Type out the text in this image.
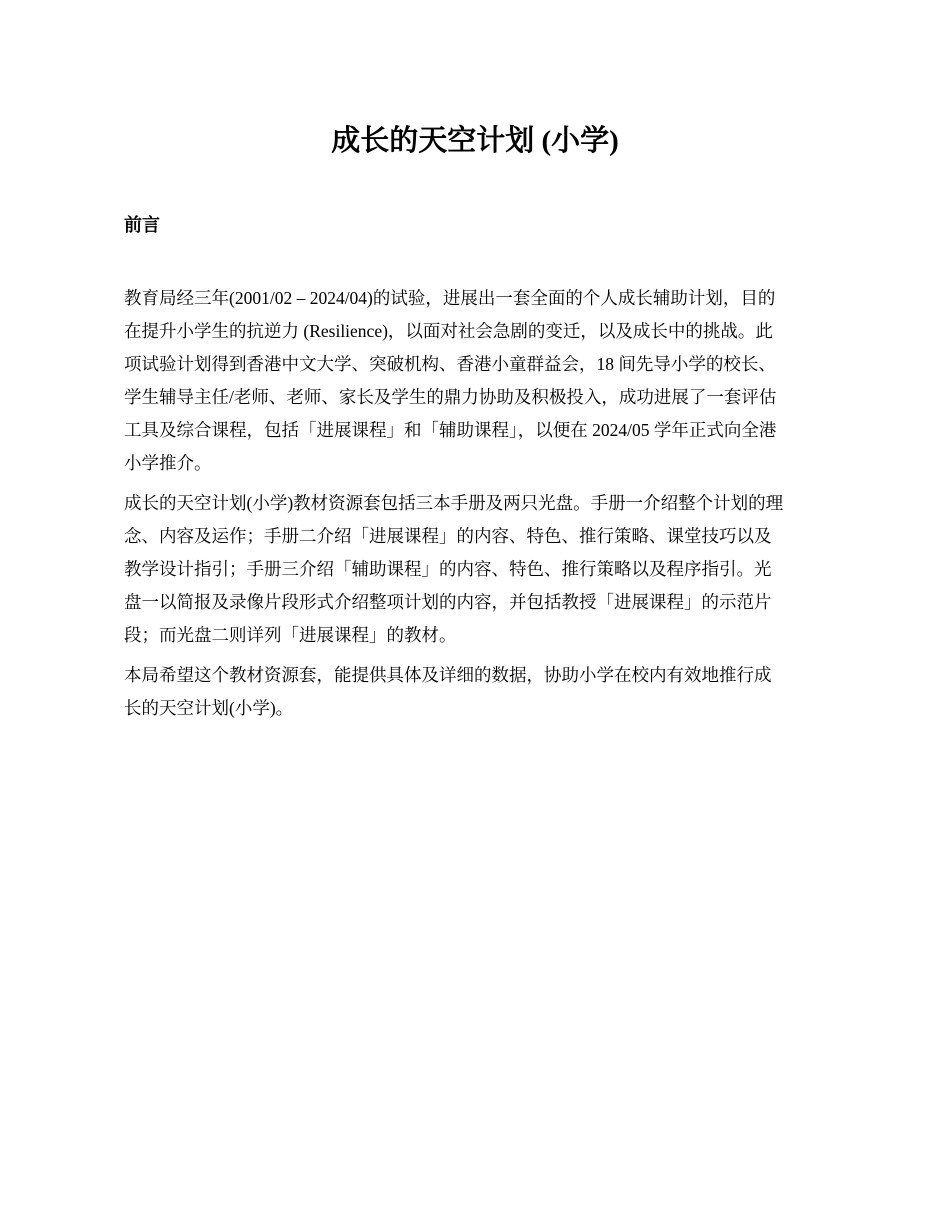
成长的天空计划 (小学)
前言

教育局经三年(2001/02 – 2024/04)的试验，进展出一套全面的个人成长辅助计划，目的
在提升小学生的抗逆力 (Resilience)，以面对社会急剧的变迁，以及成长中的挑战。此
项试验计划得到香港中文大学、突破机构、香港小童群益会，18 间先导小学的校长、
学生辅导主任/老师、老师、家长及学生的鼎力协助及积极投入，成功进展了一套评估
工具及综合课程，包括「进展课程」和「辅助课程」，以便在 2024/05 学年正式向全港
小学推介。

成长的天空计划(小学)教材资源套包括三本手册及两只光盘。手册一介绍整个计划的理
念、内容及运作；手册二介绍「进展课程」的内容、特色、推行策略、课堂技巧以及
教学设计指引；手册三介绍「辅助课程」的内容、特色、推行策略以及程序指引。光
盘一以简报及录像片段形式介绍整项计划的内容，并包括教授「进展课程」的示范片
段；而光盘二则详列「进展课程」的教材。

本局希望这个教材资源套，能提供具体及详细的数据，协助小学在校内有效地推行成
长的天空计划(小学)。
